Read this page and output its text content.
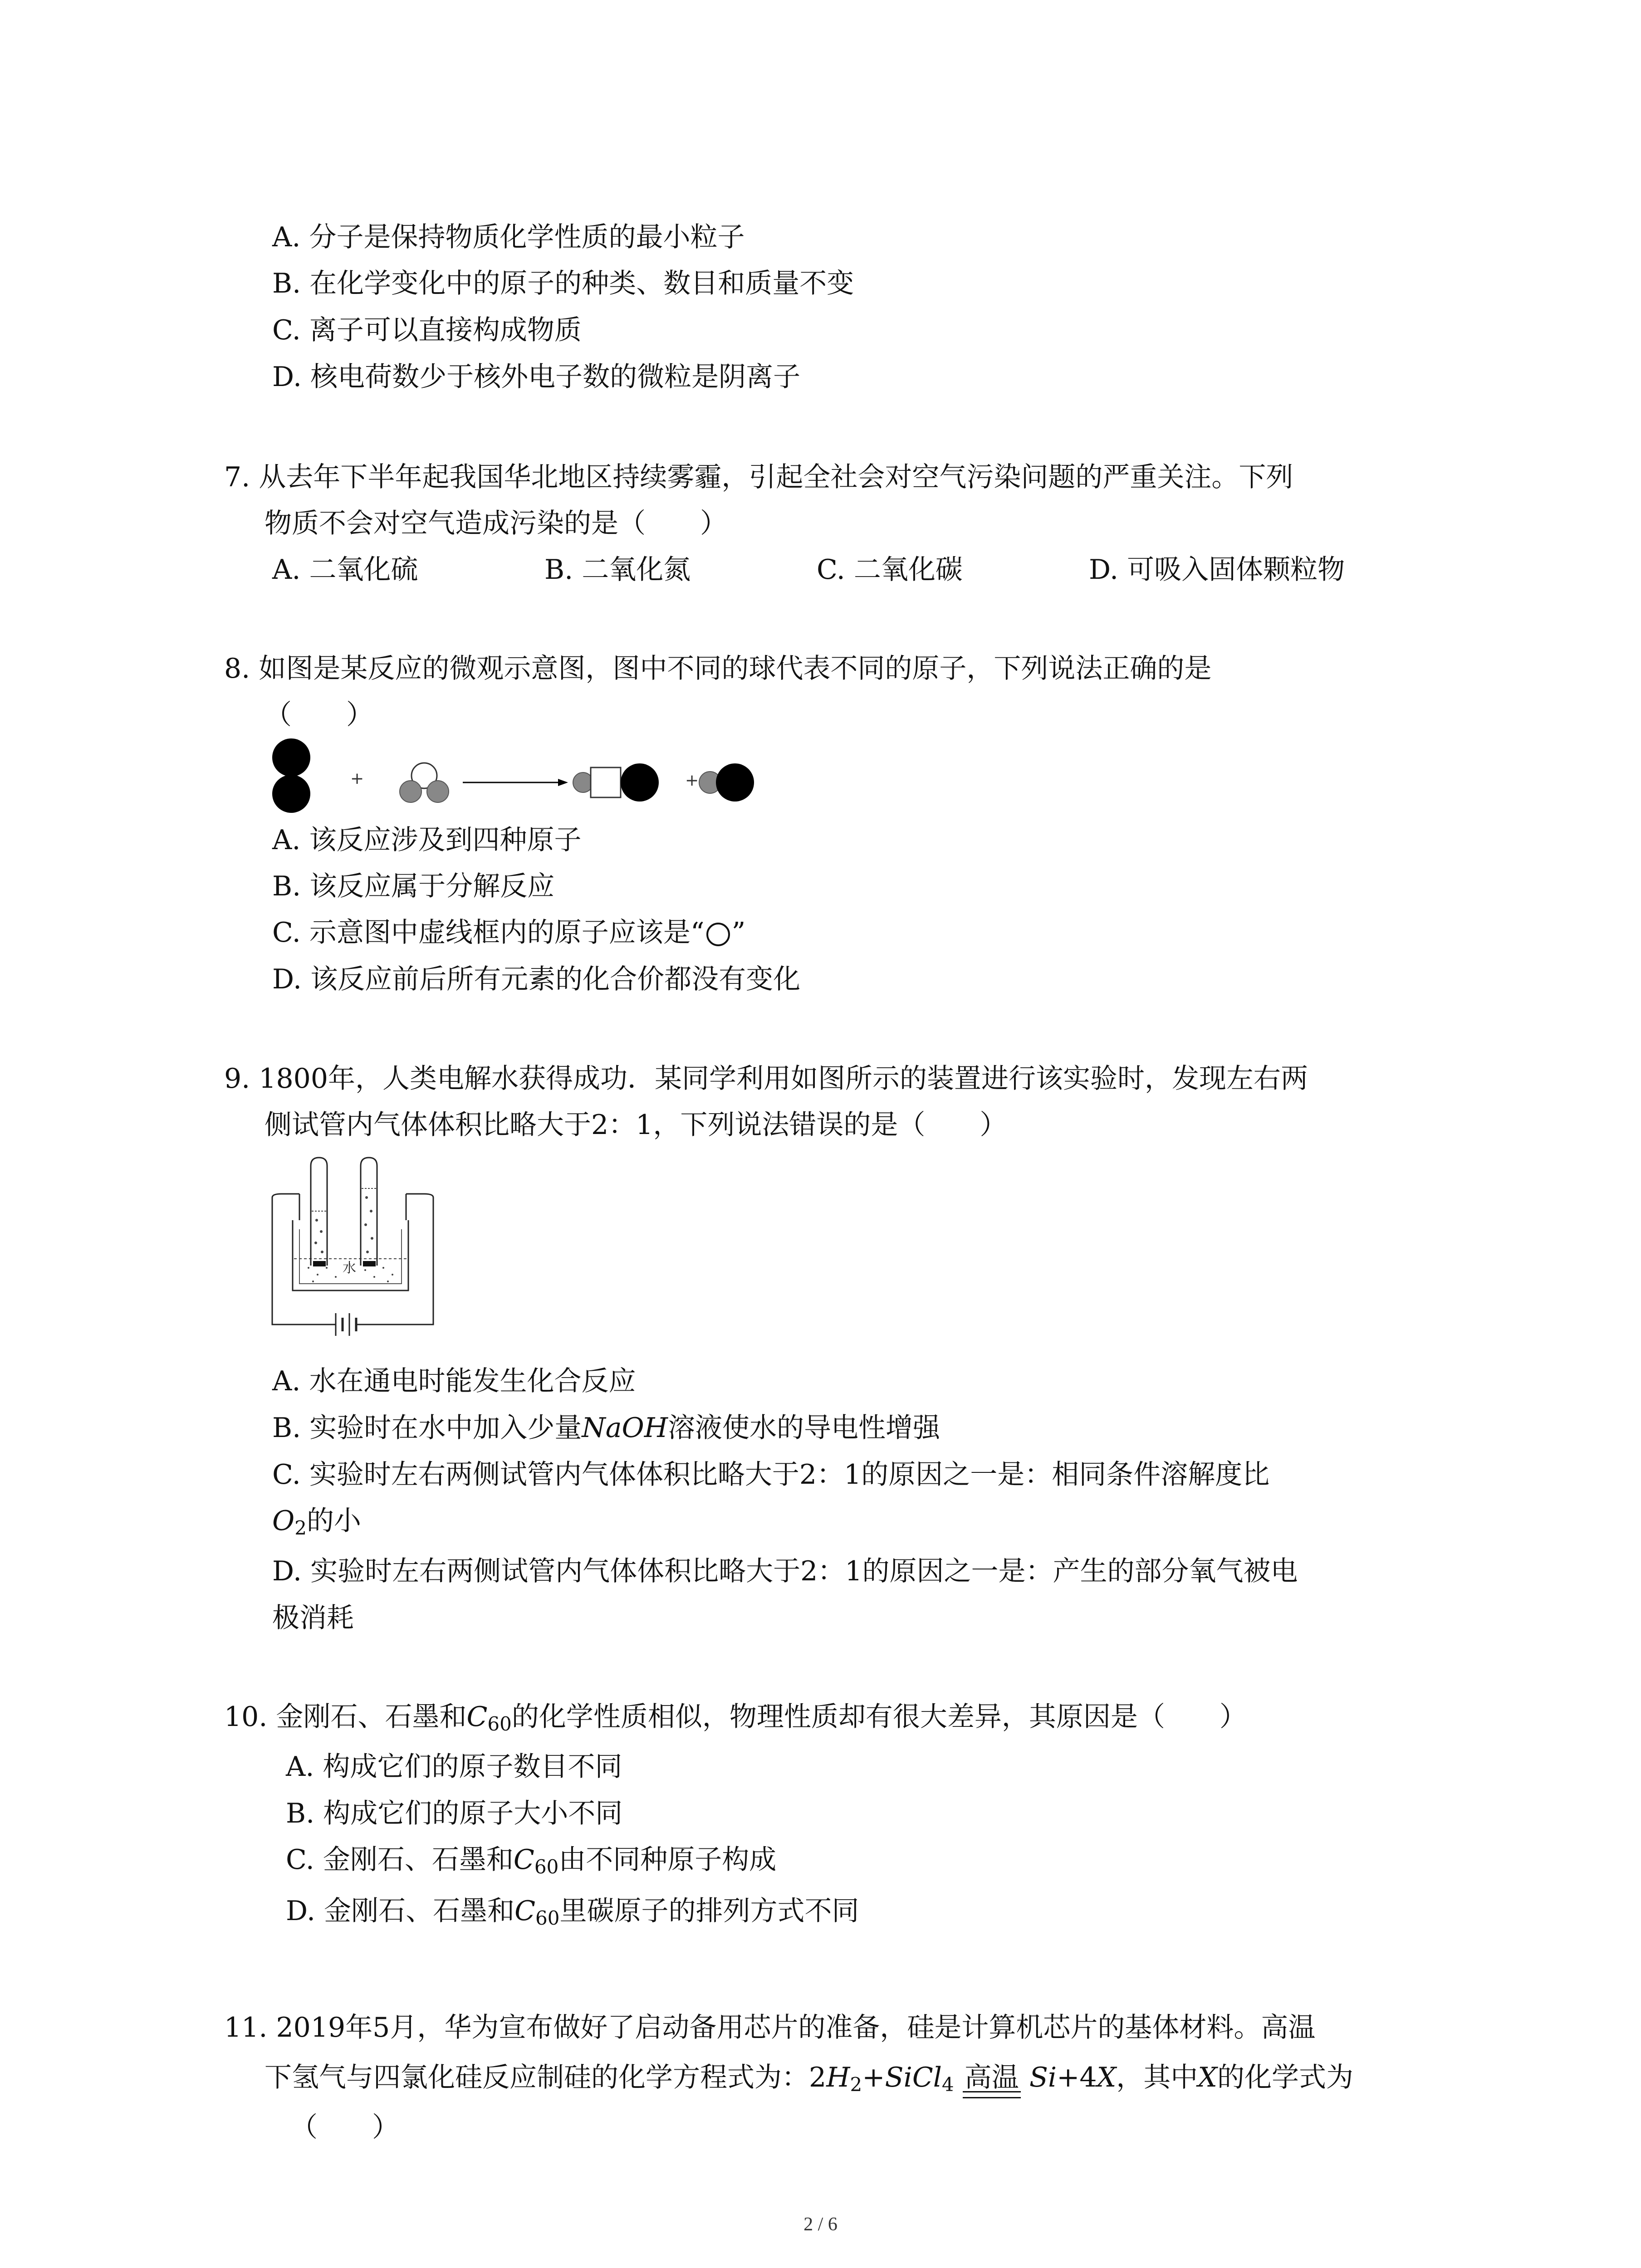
A. 分子是保持物质化学性质的最小粒子
B. 在化学变化中的原子的种类、数目和质量不变
C. 离子可以直接构成物质
D. 核电荷数少于核外电子数的微粒是阴离子
7. 从去年下半年起我国华北地区持续雾霾，引起全社会对空气污染问题的严重关注。下列
物质不会对空气造成污染的是（　　）
A. 二氧化硫	B. 二氧化氮	C. 二氧化碳	D. 可吸入固体颗粒物
8. 如图是某反应的微观示意图，图中不同的球代表不同的原子，下列说法正确的是
（　　）
+	+
A. 该反应涉及到四种原子
B. 该反应属于分解反应
C. 示意图中虚线框内的原子应该是“ ”
D. 该反应前后所有元素的化合价都没有变化
9. 1800年，人类电解水获得成功．某同学利用如图所示的装置进行该实验时，发现左右两
侧试管内气体体积比略大于2：1，下列说法错误的是（　　）
水
A. 水在通电时能发生化合反应
B. 实验时在水中加入少量NaOH溶液使水的导电性增强
C. 实验时左右两侧试管内气体体积比略大于2：1的原因之一是：相同条件溶解度比
$O_2$的小
D. 实验时左右两侧试管内气体体积比略大于2：1的原因之一是：产生的部分氧气被电
极消耗
10. 金刚石、石墨和$C_{60}$的化学性质相似，物理性质却有很大差异，其原因是（　　）
A. 构成它们的原子数目不同
B. 构成它们的原子大小不同
C. 金刚石、石墨和$C_{60}$由不同种原子构成
D. 金刚石、石墨和$C_{60}$里碳原子的排列方式不同
11. 2019年5月，华为宣布做好了启动备用芯片的准备，硅是计算机芯片的基体材料。高温
下氢气与四氯化硅反应制硅的化学方程式为：$2H_2+SiCl_4$ 高温 Si+4X，其中X的化学式为
（　　）
2 / 6
